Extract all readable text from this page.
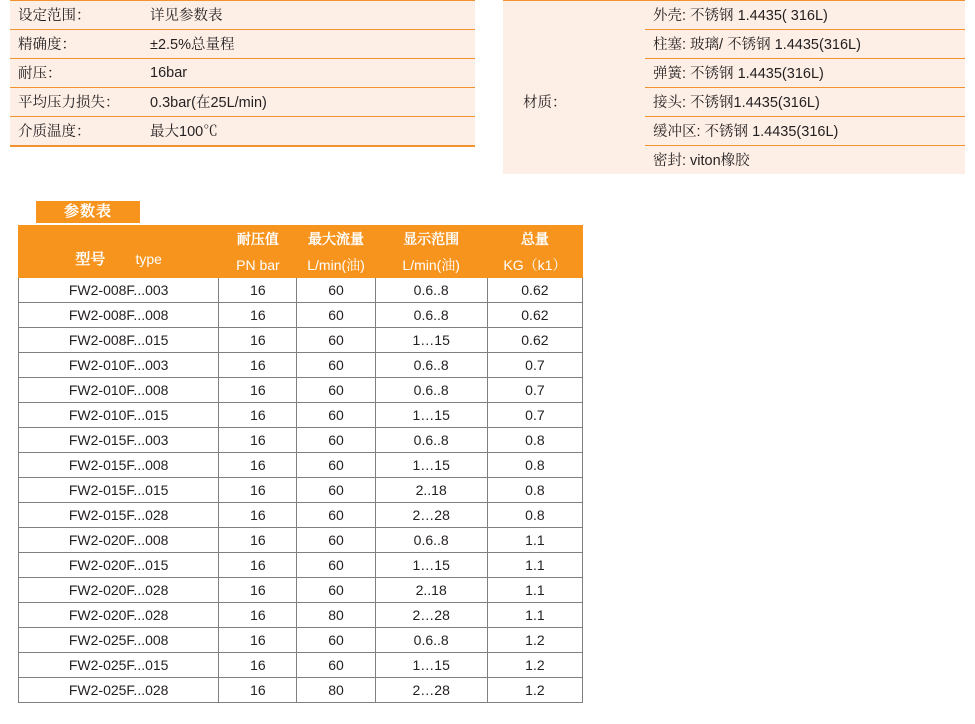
设定范围：	详见参数表
精确度：	±2.5%总量程
耐压：	16bar
平均压力损失：	0.3bar(在25L/min)
介质温度：	最大100℃
	外壳: 不锈钢 1.4435( 316L)
	柱塞: 玻璃/ 不锈钢 1.4435(316L)
	弹簧: 不锈钢 1.4435(316L)
材质：	接头: 不锈钢1.4435(316L)
	缓冲区: 不锈钢 1.4435(316L)
	密封: viton橡胶
参数表
型号 type	耐压值	最大流量	显示范围	总量
	PN bar	L/min(油)	L/min(油)	KG（k1）
FW2-008F...003	16	60	0.6..8	0.62
FW2-008F...008	16	60	0.6..8	0.62
FW2-008F...015	16	60	1…15	0.62
FW2-010F...003	16	60	0.6..8	0.7
FW2-010F...008	16	60	0.6..8	0.7
FW2-010F...015	16	60	1…15	0.7
FW2-015F...003	16	60	0.6..8	0.8
FW2-015F...008	16	60	1…15	0.8
FW2-015F...015	16	60	2..18	0.8
FW2-015F...028	16	60	2…28	0.8
FW2-020F...008	16	60	0.6..8	1.1
FW2-020F...015	16	60	1…15	1.1
FW2-020F...028	16	60	2..18	1.1
FW2-020F...028	16	80	2…28	1.1
FW2-025F...008	16	60	0.6..8	1.2
FW2-025F...015	16	60	1…15	1.2
FW2-025F...028	16	80	2…28	1.2
